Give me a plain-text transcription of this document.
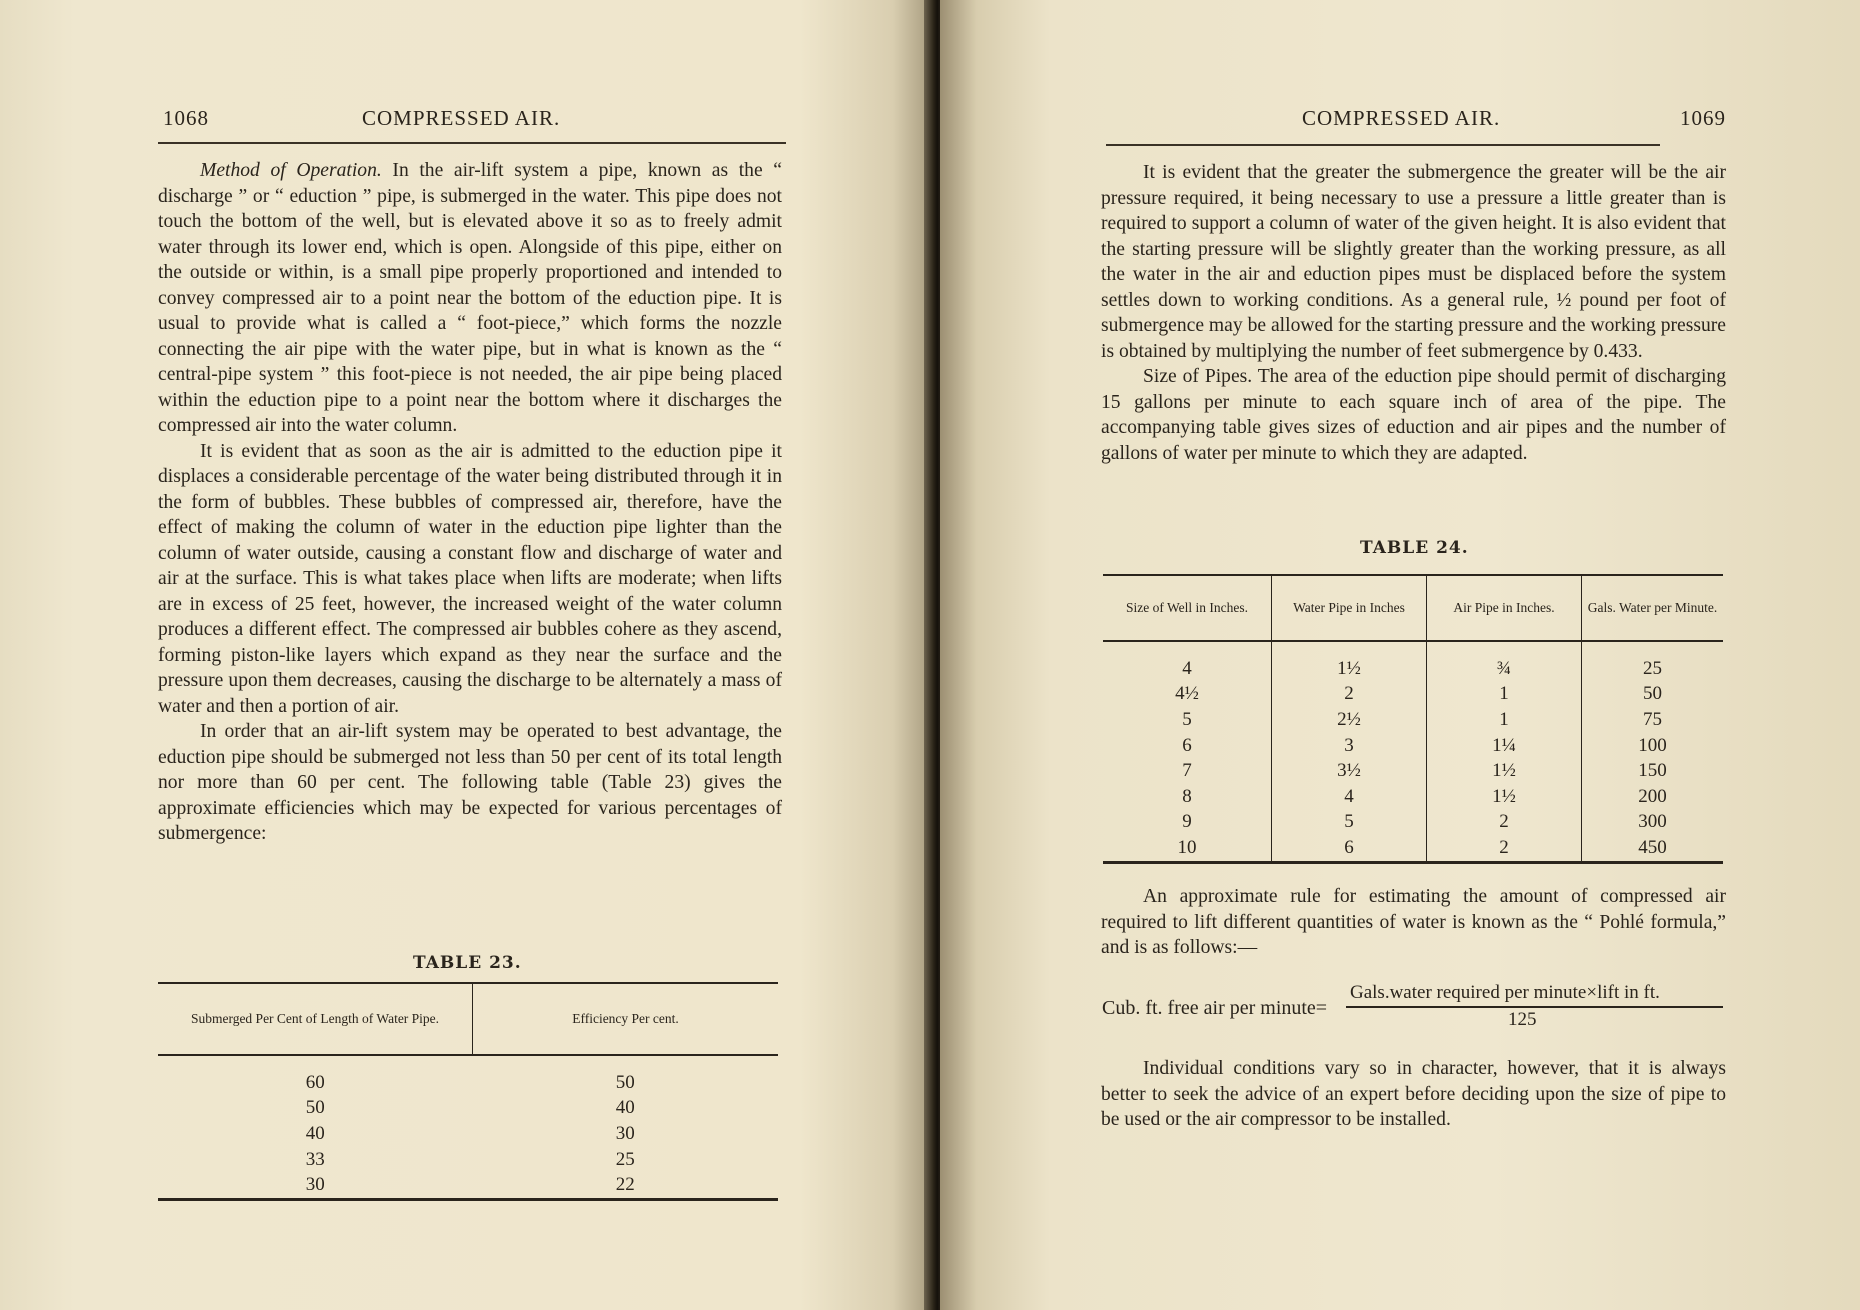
1068	COMPRESSED AIR.

Method of Operation. In the air-lift system a pipe, known as the “ discharge ” or “ eduction ” pipe, is submerged in the water. This pipe does not touch the bottom of the well, but is elevated above it so as to freely admit water through its lower end, which is open. Alongside of this pipe, either on the outside or within, is a small pipe properly proportioned and intended to convey compressed air to a point near the bottom of the eduction pipe. It is usual to provide what is called a “ foot-piece,” which forms the nozzle connecting the air pipe with the water pipe, but in what is known as the “ central-pipe system ” this foot-piece is not needed, the air pipe being placed within the eduction pipe to a point near the bottom where it discharges the compressed air into the water column.

It is evident that as soon as the air is admitted to the eduction pipe it displaces a considerable percentage of the water being distributed through it in the form of bubbles. These bubbles of compressed air, therefore, have the effect of making the column of water in the eduction pipe lighter than the column of water outside, causing a constant flow and discharge of water and air at the surface. This is what takes place when lifts are moderate; when lifts are in excess of 25 feet, however, the increased weight of the water column produces a different effect. The compressed air bubbles cohere as they ascend, forming piston-like layers which expand as they near the surface and the pressure upon them decreases, causing the discharge to be alternately a mass of water and then a portion of air.

In order that an air-lift system may be operated to best advantage, the eduction pipe should be submerged not less than 50 per cent of its total length nor more than 60 per cent. The following table (Table 23) gives the approximate efficiencies which may be expected for various percentages of submergence:

TABLE 23.
Submerged Per Cent of Length of Water Pipe.	Efficiency Per cent.
60	50
50	40
40	30
33	25
30	22
COMPRESSED AIR.	1069

It is evident that the greater the submergence the greater will be the air pressure required, it being necessary to use a pressure a little greater than is required to support a column of water of the given height. It is also evident that the starting pressure will be slightly greater than the working pressure, as all the water in the air and eduction pipes must be displaced before the system settles down to working conditions. As a general rule, ½ pound per foot of submergence may be allowed for the starting pressure and the working pressure is obtained by multiplying the number of feet submergence by 0.433.

Size of Pipes. The area of the eduction pipe should permit of discharging 15 gallons per minute to each square inch of area of the pipe. The accompanying table gives sizes of eduction and air pipes and the number of gallons of water per minute to which they are adapted.

TABLE 24.
Size of Well in Inches.	Water Pipe in Inches	Air Pipe in Inches.	Gals. Water per Minute.
4	1½	¾	25
4½	2	1	50
5	2½	1	75
6	3	1¼	100
7	3½	1½	150
8	4	1½	200
9	5	2	300
10	6	2	450

An approximate rule for estimating the amount of compressed air required to lift different quantities of water is known as the “ Pohlé formula,” and is as follows:—

Cub. ft. free air per minute=
Gals.water required per minute×lift in ft.
125

Individual conditions vary so in character, however, that it is always better to seek the advice of an expert before deciding upon the size of pipe to be used or the air compressor to be installed.
